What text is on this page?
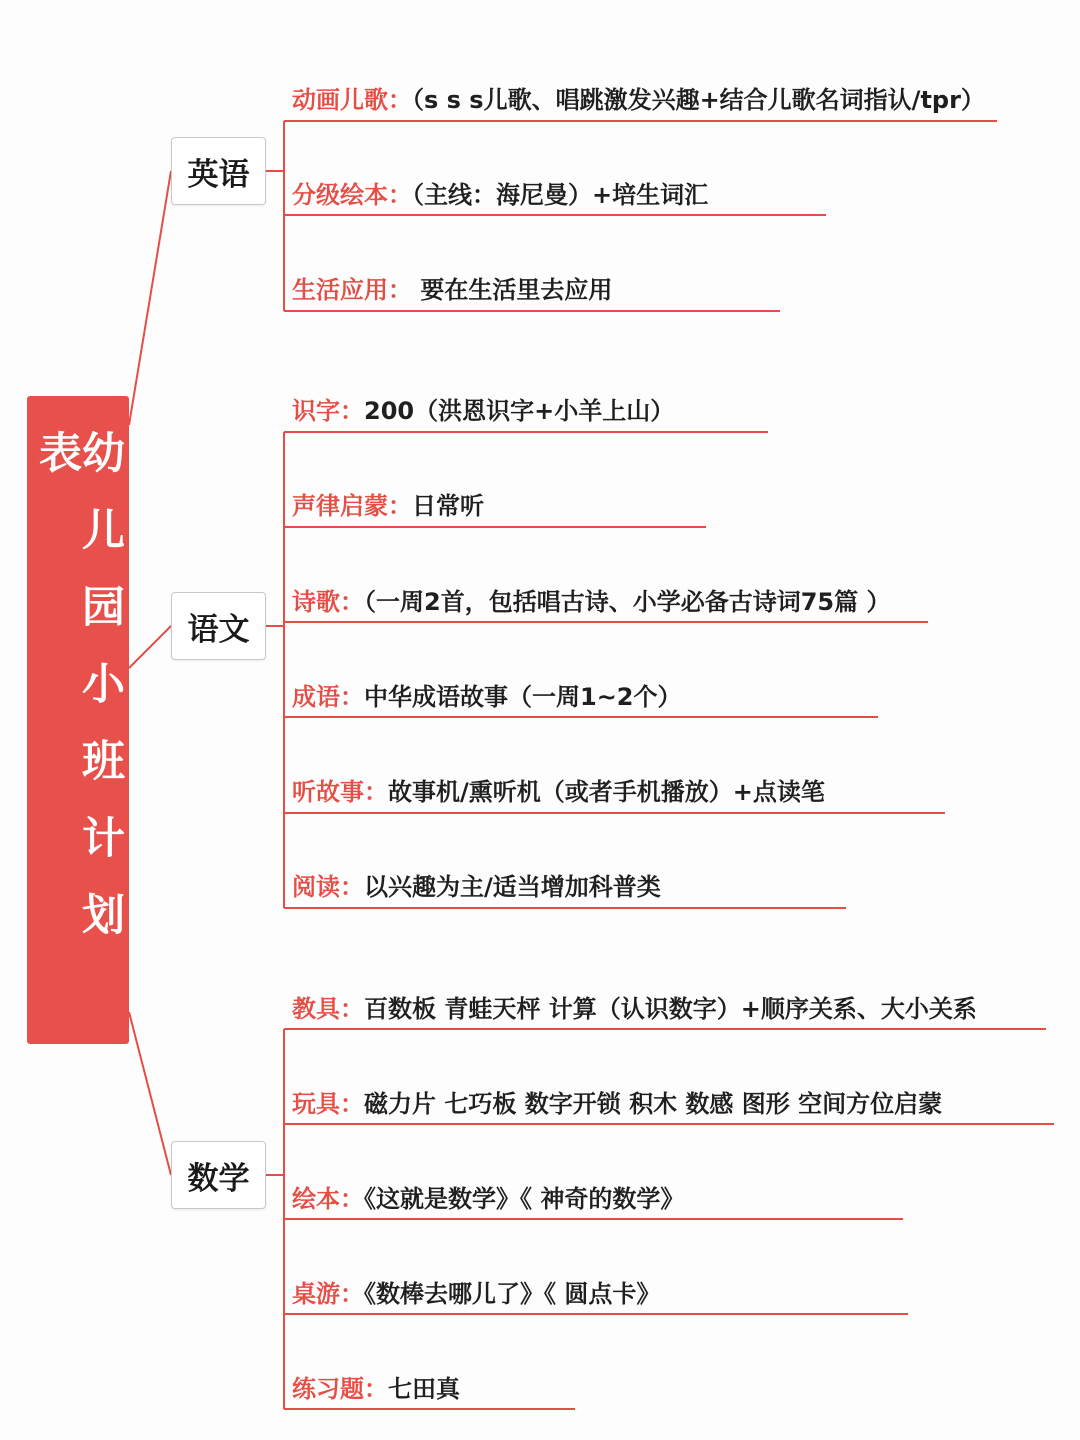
幼儿园小班计划表
英语
动画儿歌：（s s s儿歌、唱跳激发兴趣+结合儿歌名词指认/tpr）
分级绘本：（主线：海尼曼）+培生词汇
生活应用： 要在生活里去应用
语文
识字：200（洪恩识字+小羊上山）
声律启蒙：日常听
诗歌：（一周2首，包括唱古诗、小学必备古诗词75篇 ）
成语：中华成语故事（一周1~2个）
听故事：故事机/熏听机（或者手机播放）+点读笔
阅读：以兴趣为主/适当增加科普类
数学
教具：百数板 青蛙天枰 计算（认识数字）+顺序关系、大小关系
玩具：磁力片 七巧板 数字开锁 积木 数感 图形 空间方位启蒙
绘本：《这就是数学》《 神奇的数学》
桌游：《数棒去哪儿了》《 圆点卡》
练习题：七田真
